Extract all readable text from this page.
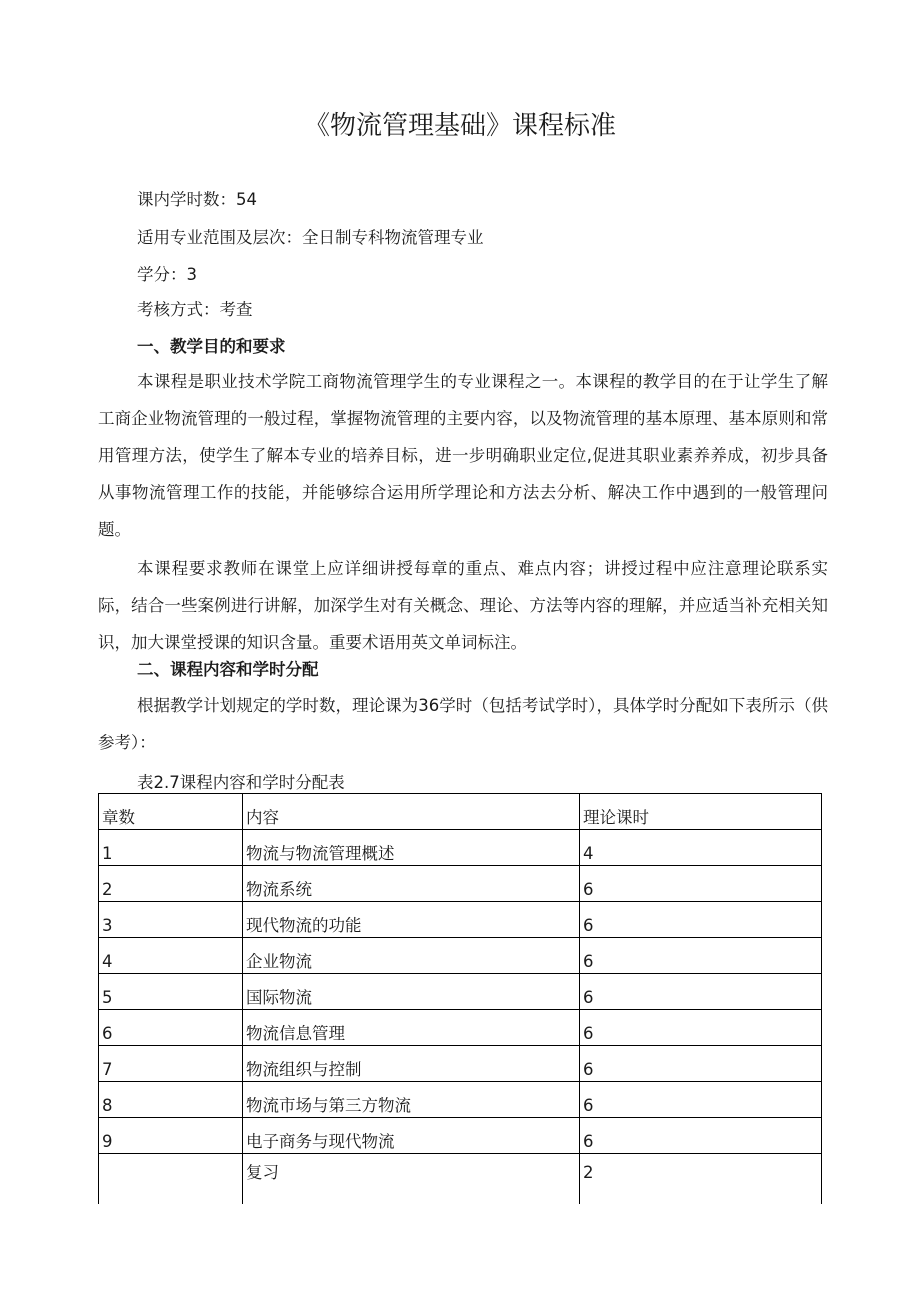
《物流管理基础》课程标准
课内学时数：54
适用专业范围及层次：全日制专科物流管理专业
学分：3
考核方式：考查
一、教学目的和要求
本课程是职业技术学院工商物流管理学生的专业课程之一。本课程的教学目的在于让学生了解工商企业物流管理的一般过程，掌握物流管理的主要内容，以及物流管理的基本原理、基本原则和常用管理方法，使学生了解本专业的培养目标，进一步明确职业定位,促进其职业素养养成，初步具备从事物流管理工作的技能，并能够综合运用所学理论和方法去分析、解决工作中遇到的一般管理问题。
本课程要求教师在课堂上应详细讲授每章的重点、难点内容；讲授过程中应注意理论联系实际，结合一些案例进行讲解，加深学生对有关概念、理论、方法等内容的理解，并应适当补充相关知识，加大课堂授课的知识含量。重要术语用英文单词标注。
二、课程内容和学时分配
根据教学计划规定的学时数，理论课为36学时（包括考试学时），具体学时分配如下表所示（供参考）：
表2.7课程内容和学时分配表
章数	内容	理论课时
1	物流与物流管理概述	4
2	物流系统	6
3	现代物流的功能	6
4	企业物流	6
5	国际物流	6
6	物流信息管理	6
7	物流组织与控制	6
8	物流市场与第三方物流	6
9	电子商务与现代物流	6
	复习	2
